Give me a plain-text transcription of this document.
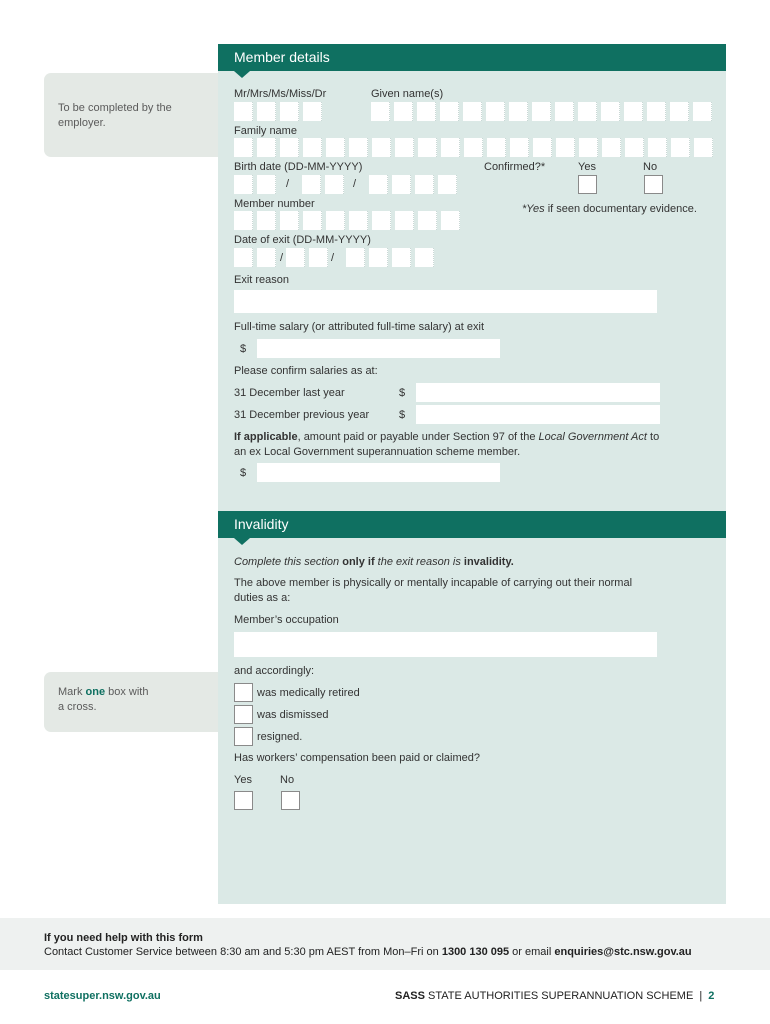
To be completed by the employer.
Mark one box with
a cross.
Member details
Invalidity
Mr/Mrs/Ms/Miss/Dr	Given name(s)
Family name
Birth date (DD-MM-YYYY)
/	/
Confirmed?*	Yes	No
Member number	*Yes if seen documentary evidence.
Date of exit (DD-MM-YYYY)
/	/
Exit reason
Full-time salary (or attributed full-time salary) at exit
$
Please confirm salaries as at:
31 December last year	$
31 December previous year	$
If applicable, amount paid or payable under Section 97 of the Local Government Act to
an ex Local Government superannuation scheme member.
$
Complete this section only if the exit reason is invalidity.
The above member is physically or mentally incapable of carrying out their normal
duties as a:
Member’s occupation
and accordingly:
was medically retired
was dismissed
resigned.
Has workers’ compensation been paid or claimed?
Yes	No
If you need help with this form
Contact Customer Service between 8:30 am and 5:30 pm AEST from Mon–Fri on 1300 130 095 or email enquiries@stc.nsw.gov.au
statesuper.nsw.gov.au	SASS STATE AUTHORITIES SUPERANNUATION SCHEME | 2
